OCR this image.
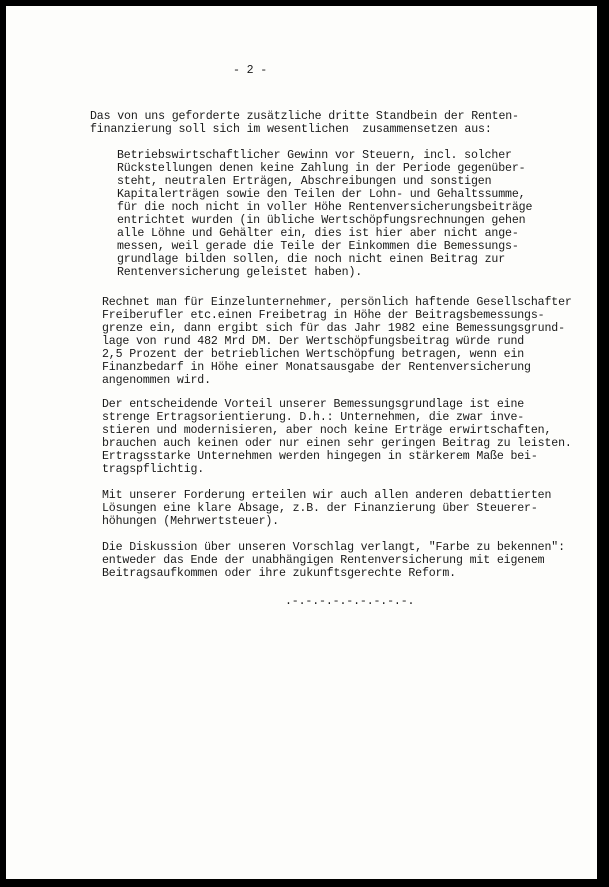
- 2 -
Das von uns geforderte zusätzliche dritte Standbein der Renten-
finanzierung soll sich im wesentlichen  zusammensetzen aus:
Betriebswirtschaftlicher Gewinn vor Steuern, incl. solcher
Rückstellungen denen keine Zahlung in der Periode gegenüber-
steht, neutralen Erträgen, Abschreibungen und sonstigen
Kapitalerträgen sowie den Teilen der Lohn- und Gehaltssumme,
für die noch nicht in voller Höhe Rentenversicherungsbeiträge
entrichtet wurden (in übliche Wertschöpfungsrechnungen gehen
alle Löhne und Gehälter ein, dies ist hier aber nicht ange-
messen, weil gerade die Teile der Einkommen die Bemessungs-
grundlage bilden sollen, die noch nicht einen Beitrag zur
Rentenversicherung geleistet haben).
Rechnet man für Einzelunternehmer, persönlich haftende Gesellschafter
Freiberufler etc.einen Freibetrag in Höhe der Beitragsbemessungs-
grenze ein, dann ergibt sich für das Jahr 1982 eine Bemessungsgrund-
lage von rund 482 Mrd DM. Der Wertschöpfungsbeitrag würde rund
2,5 Prozent der betrieblichen Wertschöpfung betragen, wenn ein
Finanzbedarf in Höhe einer Monatsausgabe der Rentenversicherung
angenommen wird.
Der entscheidende Vorteil unserer Bemessungsgrundlage ist eine
strenge Ertragsorientierung. D.h.: Unternehmen, die zwar inve-
stieren und modernisieren, aber noch keine Erträge erwirtschaften,
brauchen auch keinen oder nur einen sehr geringen Beitrag zu leisten.
Ertragsstarke Unternehmen werden hingegen in stärkerem Maße bei-
tragspflichtig.
Mit unserer Forderung erteilen wir auch allen anderen debattierten
Lösungen eine klare Absage, z.B. der Finanzierung über Steuerer-
höhungen (Mehrwertsteuer).
Die Diskussion über unseren Vorschlag verlangt, "Farbe zu bekennen":
entweder das Ende der unabhängigen Rentenversicherung mit eigenem
Beitragsaufkommen oder ihre zukunftsgerechte Reform.
.-.-.-.-.-.-.-.-.-.
